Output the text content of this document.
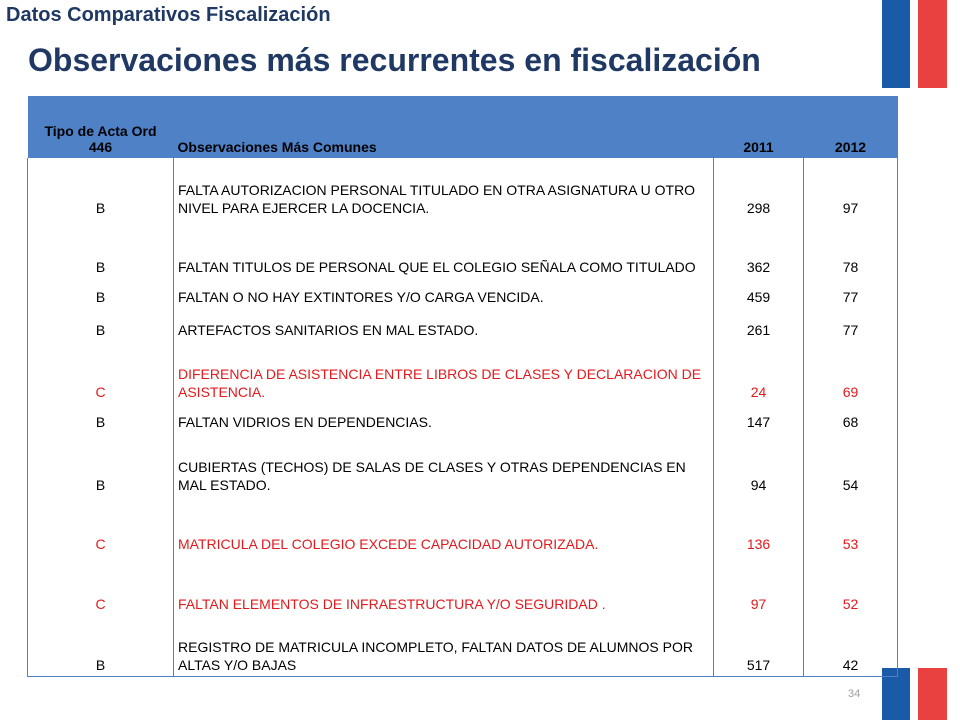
Datos Comparativos Fiscalización
Observaciones más recurrentes en fiscalización
Tipo de Acta Ord 446	Observaciones Más Comunes	2011	2012
B	FALTA AUTORIZACION PERSONAL TITULADO EN OTRA ASIGNATURA U OTRO NIVEL PARA EJERCER LA DOCENCIA.	298	97
B	FALTAN TITULOS DE PERSONAL QUE EL COLEGIO SEÑALA COMO TITULADO	362	78
B	FALTAN O NO HAY EXTINTORES Y/O CARGA VENCIDA.	459	77
B	ARTEFACTOS SANITARIOS EN MAL ESTADO.	261	77
C	DIFERENCIA DE ASISTENCIA ENTRE LIBROS DE CLASES Y DECLARACION DE ASISTENCIA.	24	69
B	FALTAN VIDRIOS EN DEPENDENCIAS.	147	68
B	CUBIERTAS (TECHOS) DE SALAS DE CLASES Y OTRAS DEPENDENCIAS EN MAL ESTADO.	94	54
C	MATRICULA DEL COLEGIO EXCEDE CAPACIDAD AUTORIZADA.	136	53
C	FALTAN ELEMENTOS DE INFRAESTRUCTURA Y/O SEGURIDAD .	97	52
B	REGISTRO DE MATRICULA INCOMPLETO, FALTAN DATOS DE ALUMNOS POR ALTAS Y/O BAJAS	517	42
34
